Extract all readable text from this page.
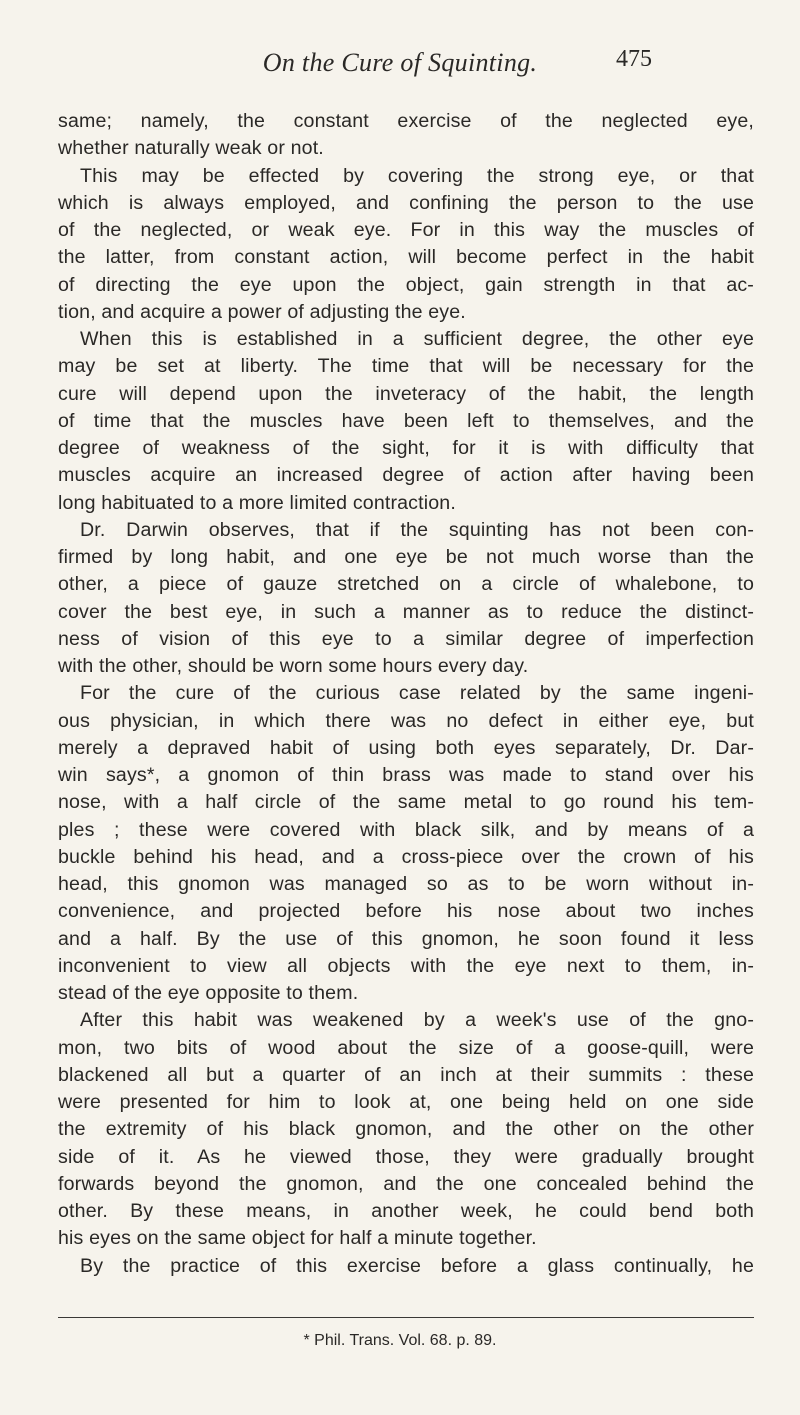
On the Cure of Squinting.	475
same; namely, the constant exercise of the neglected eye,
whether naturally weak or not.
This may be effected by covering the strong eye, or that
which is always employed, and confining the person to the use
of the neglected, or weak eye. For in this way the muscles of
the latter, from constant action, will become perfect in the habit
of directing the eye upon the object, gain strength in that ac-
tion, and acquire a power of adjusting the eye.
When this is established in a sufficient degree, the other eye
may be set at liberty. The time that will be necessary for the
cure will depend upon the inveteracy of the habit, the length
of time that the muscles have been left to themselves, and the
degree of weakness of the sight, for it is with difficulty that
muscles acquire an increased degree of action after having been
long habituated to a more limited contraction.
Dr. Darwin observes, that if the squinting has not been con-
firmed by long habit, and one eye be not much worse than the
other, a piece of gauze stretched on a circle of whalebone, to
cover the best eye, in such a manner as to reduce the distinct-
ness of vision of this eye to a similar degree of imperfection
with the other, should be worn some hours every day.
For the cure of the curious case related by the same ingeni-
ous physician, in which there was no defect in either eye, but
merely a depraved habit of using both eyes separately, Dr. Dar-
win says*, a gnomon of thin brass was made to stand over his
nose, with a half circle of the same metal to go round his tem-
ples ; these were covered with black silk, and by means of a
buckle behind his head, and a cross-piece over the crown of his
head, this gnomon was managed so as to be worn without in-
convenience, and projected before his nose about two inches
and a half. By the use of this gnomon, he soon found it less
inconvenient to view all objects with the eye next to them, in-
stead of the eye opposite to them.
After this habit was weakened by a week's use of the gno-
mon, two bits of wood about the size of a goose-quill, were
blackened all but a quarter of an inch at their summits : these
were presented for him to look at, one being held on one side
the extremity of his black gnomon, and the other on the other
side of it. As he viewed those, they were gradually brought
forwards beyond the gnomon, and the one concealed behind the
other. By these means, in another week, he could bend both
his eyes on the same object for half a minute together.
By the practice of this exercise before a glass continually, he
* Phil. Trans. Vol. 68. p. 89.
